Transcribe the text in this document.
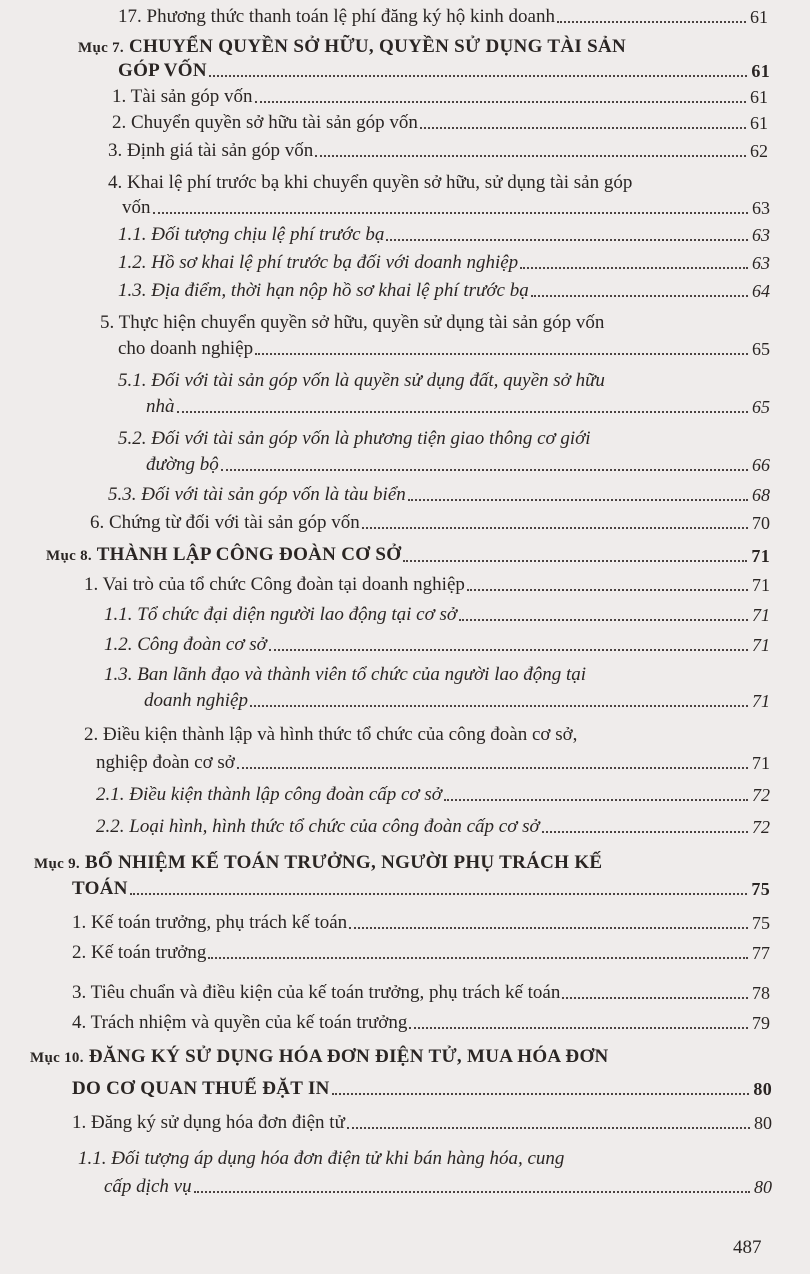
17. Phương thức thanh toán lệ phí đăng ký hộ kinh doanh	61
Mục 7. CHUYỂN QUYỀN SỞ HỮU, QUYỀN SỬ DỤNG TÀI SẢN
GÓP VỐN	61
1. Tài sản góp vốn	61
2. Chuyển quyền sở hữu tài sản góp vốn	61
3. Định giá tài sản góp vốn	62
4. Khai lệ phí trước bạ khi chuyển quyền sở hữu, sử dụng tài sản góp
vốn	63
1.1. Đối tượng chịu lệ phí trước bạ	63
1.2. Hồ sơ khai lệ phí trước bạ đối với doanh nghiệp	63
1.3. Địa điểm, thời hạn nộp hồ sơ khai lệ phí trước bạ	64
5. Thực hiện chuyển quyền sở hữu, quyền sử dụng tài sản góp vốn
cho doanh nghiệp	65
5.1. Đối với tài sản góp vốn là quyền sử dụng đất, quyền sở hữu
nhà	65
5.2. Đối với tài sản góp vốn là phương tiện giao thông cơ giới
đường bộ	66
5.3. Đối với tài sản góp vốn là tàu biển	68
6. Chứng từ đối với tài sản góp vốn	70
Mục 8. THÀNH LẬP CÔNG ĐOÀN CƠ SỞ	71
1. Vai trò của tổ chức Công đoàn tại doanh nghiệp	71
1.1. Tổ chức đại diện người lao động tại cơ sở	71
1.2. Công đoàn cơ sở	71
1.3. Ban lãnh đạo và thành viên tổ chức của người lao động tại
doanh nghiệp	71
2. Điều kiện thành lập và hình thức tổ chức của công đoàn cơ sở,
nghiệp đoàn cơ sở	71
2.1. Điều kiện thành lập công đoàn cấp cơ sở	72
2.2. Loại hình, hình thức tổ chức của công đoàn cấp cơ sở	72
Mục 9. BỔ NHIỆM KẾ TOÁN TRƯỞNG, NGƯỜI PHỤ TRÁCH KẾ
TOÁN	75
1. Kế toán trưởng, phụ trách kế toán	75
2. Kế toán trưởng	77
3. Tiêu chuẩn và điều kiện của kế toán trưởng, phụ trách kế toán	78
4. Trách nhiệm và quyền của kế toán trưởng	79
Mục 10. ĐĂNG KÝ SỬ DỤNG HÓA ĐƠN ĐIỆN TỬ, MUA HÓA ĐƠN
DO CƠ QUAN THUẾ ĐẶT IN	80
1. Đăng ký sử dụng hóa đơn điện tử	80
1.1. Đối tượng áp dụng hóa đơn điện tử khi bán hàng hóa, cung
cấp dịch vụ	80
487
